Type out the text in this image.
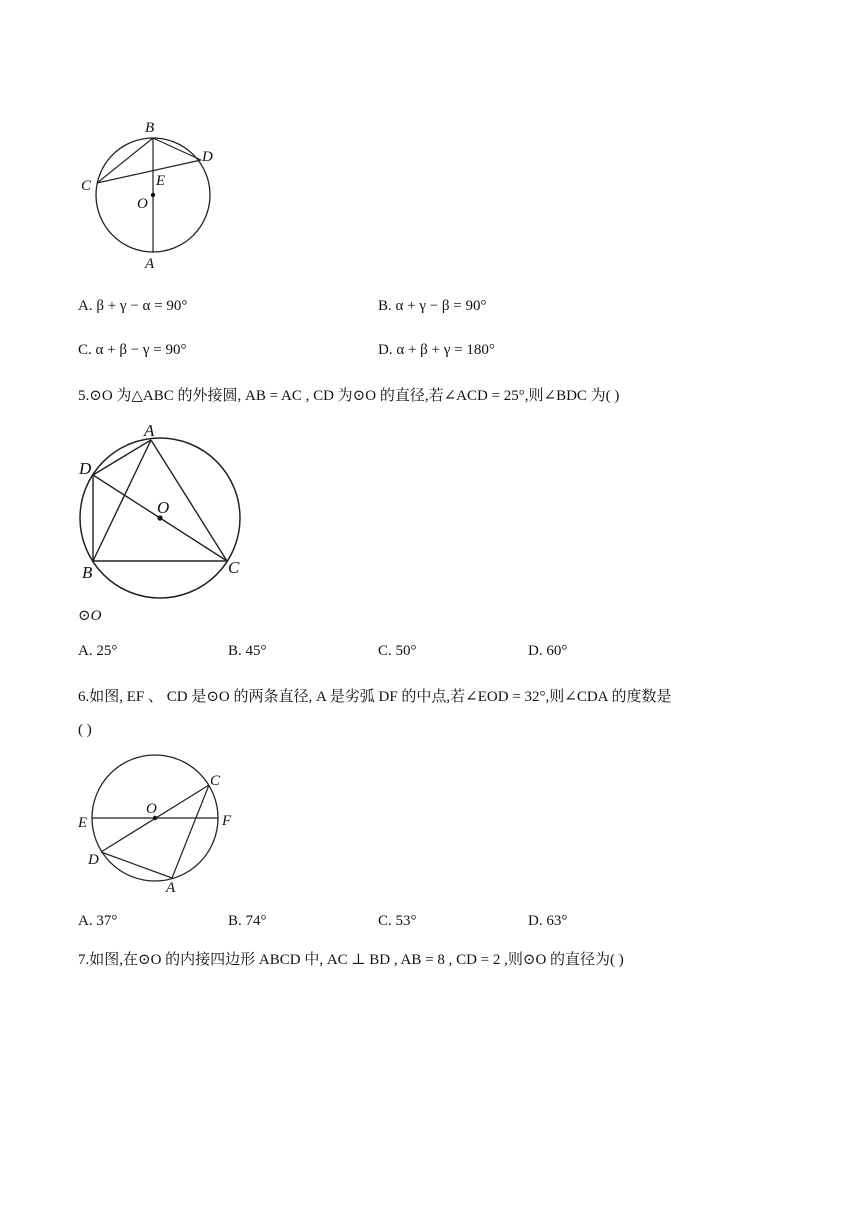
B
D
C	E
O
A
A. β + γ − α = 90°	B. α + γ − β = 90°
C. α + β − γ = 90°	D. α + β + γ = 180°
5.⊙O 为△ABC 的外接圆, AB = AC , CD 为⊙O 的直径,若∠ACD = 25°,则∠BDC 为( )
A
D
O
B	C
⊙O
A. 25°	B. 45°	C. 50°	D. 60°
6.如图, EF 、 CD 是⊙O 的两条直径, A 是劣弧 DF 的中点,若∠EOD = 32°,则∠CDA 的度数是
( )
C
O
E	F
D
A
A. 37°	B. 74°	C. 53°	D. 63°
7.如图,在⊙O 的内接四边形 ABCD 中, AC ⊥ BD , AB = 8 , CD = 2 ,则⊙O 的直径为( )
